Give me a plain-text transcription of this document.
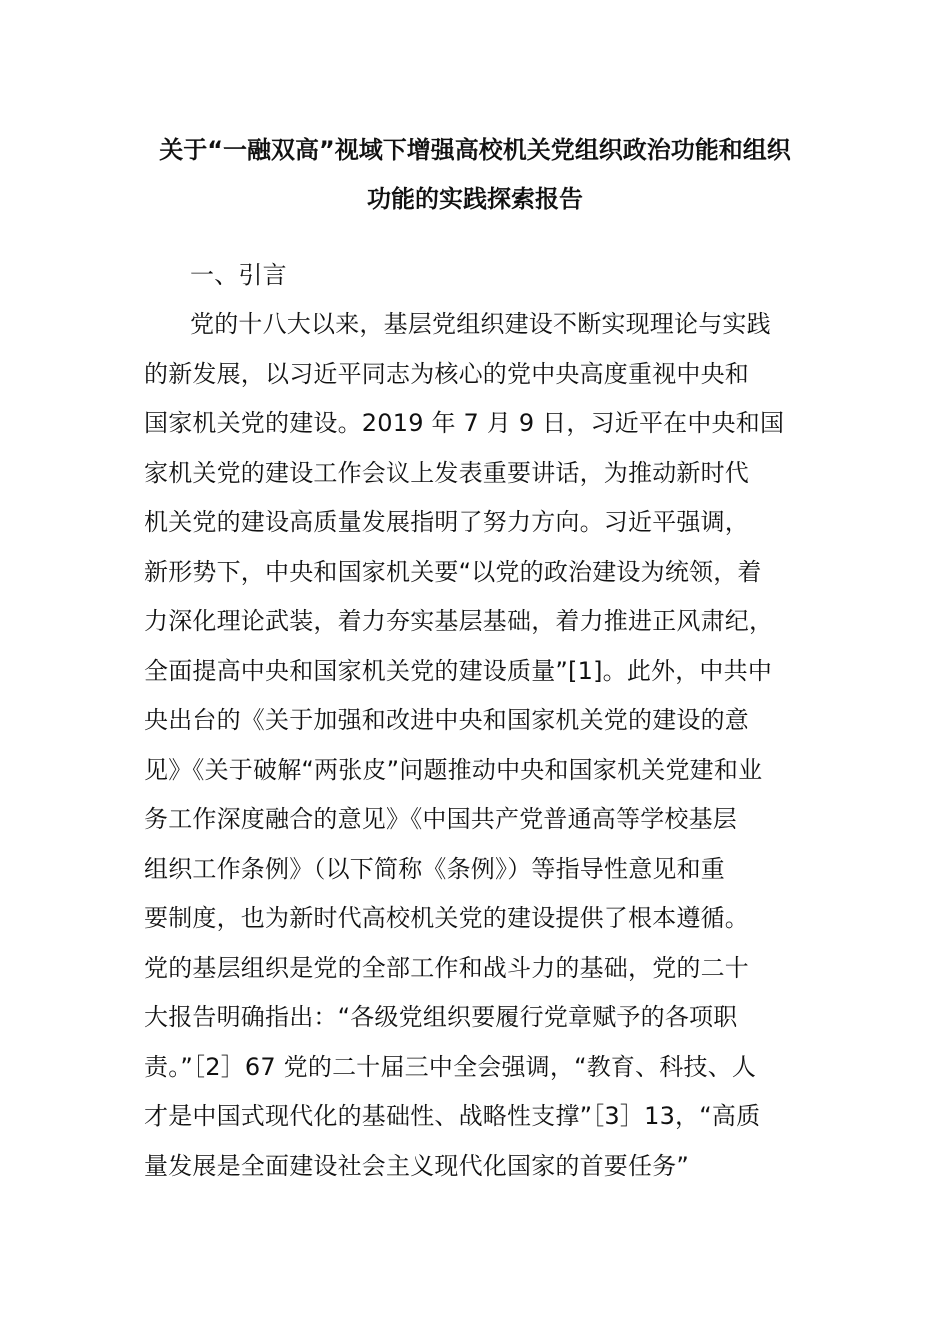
关于“一融双高”视域下增强高校机关党组织政治功能和组织
功能的实践探索报告
一、引言
党的十八大以来，基层党组织建设不断实现理论与实践
的新发展，以习近平同志为核心的党中央高度重视中央和
国家机关党的建设。2019 年 7 月 9 日，习近平在中央和国
家机关党的建设工作会议上发表重要讲话，为推动新时代
机关党的建设高质量发展指明了努力方向。习近平强调，
新形势下，中央和国家机关要“以党的政治建设为统领，着
力深化理论武装，着力夯实基层基础，着力推进正风肃纪，
全面提高中央和国家机关党的建设质量”[1]。此外，中共中
央出台的《关于加强和改进中央和国家机关党的建设的意
见》《关于破解“两张皮”问题推动中央和国家机关党建和业
务工作深度融合的意见》《中国共产党普通高等学校基层
组织工作条例》（以下简称《条例》）等指导性意见和重
要制度，也为新时代高校机关党的建设提供了根本遵循。
党的基层组织是党的全部工作和战斗力的基础，党的二十
大报告明确指出：“各级党组织要履行党章赋予的各项职
责。”［2］67 党的二十届三中全会强调，“教育、科技、人
才是中国式现代化的基础性、战略性支撑”［3］13，“高质
量发展是全面建设社会主义现代化国家的首要任务”
